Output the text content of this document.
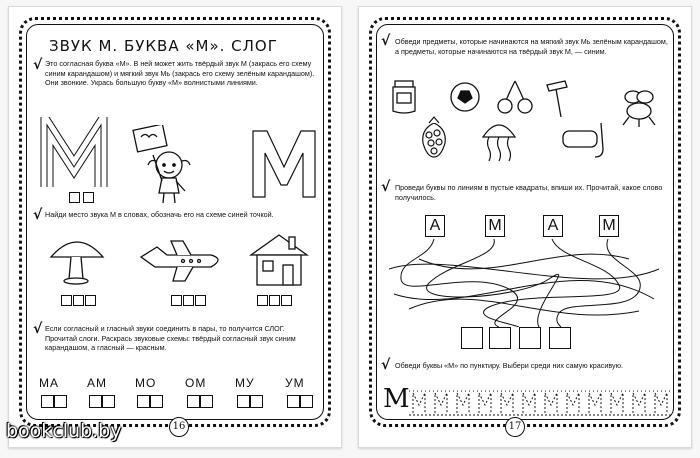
ЗВУК М. БУКВА «М». СЛОГ
√ Это согласная буква «М». В ней может жить твёрдый звук М (закрась его схему синим карандашом) и мягкий звук Мь (закрась его схему зелёным карандашом). Они звонкие. Укрась большую букву «М» волнистыми линиями.
√ Найди место звука М в словах, обозначь его на схеме синей точкой.
√ Если согласный и гласный звуки соединить в пары, то получится СЛОГ. Прочитай слоги. Раскрась звуковые схемы: твёрдый согласный звук синим карандашом, а гласный — красным.
МА АМ МО ОМ МУ	УМ
16
√ Обведи предметы, которые начинаются на мягкий звук Мь зелёным карандашом, а предметы, которые начинаются на твёрдый звук М, — синим.
√ Проведи буквы по линиям в пустые квадраты, впиши их. Прочитай, какое слово получилось.
А	М	А	М
√ Обведи буквы «М» по пунктиру. Выбери среди них самую красивую.
M
17
bookclub.by
